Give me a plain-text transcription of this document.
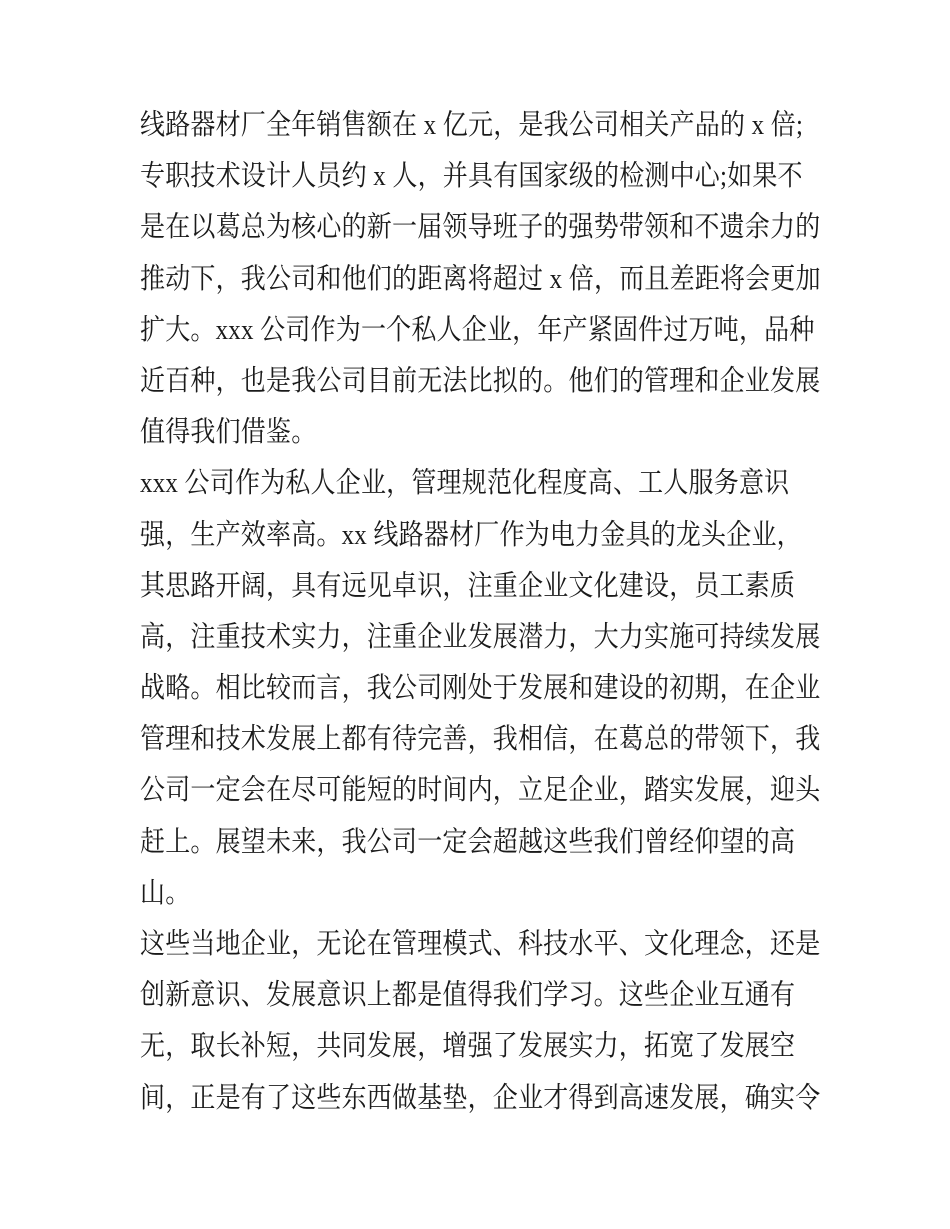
线路器材厂全年销售额在 x 亿元，是我公司相关产品的 x 倍;
专职技术设计人员约 x 人，并具有国家级的检测中心;如果不
是在以葛总为核心的新一届领导班子的强势带领和不遗余力的
推动下，我公司和他们的距离将超过 x 倍，而且差距将会更加
扩大。xxx 公司作为一个私人企业，年产紧固件过万吨，品种
近百种，也是我公司目前无法比拟的。他们的管理和企业发展
值得我们借鉴。
xxx 公司作为私人企业，管理规范化程度高、工人服务意识
强，生产效率高。xx 线路器材厂作为电力金具的龙头企业，
其思路开阔，具有远见卓识，注重企业文化建设，员工素质
高，注重技术实力，注重企业发展潜力，大力实施可持续发展
战略。相比较而言，我公司刚处于发展和建设的初期，在企业
管理和技术发展上都有待完善，我相信，在葛总的带领下，我
公司一定会在尽可能短的时间内，立足企业，踏实发展，迎头
赶上。展望未来，我公司一定会超越这些我们曾经仰望的高
山。
这些当地企业，无论在管理模式、科技水平、文化理念，还是
创新意识、发展意识上都是值得我们学习。这些企业互通有
无，取长补短，共同发展，增强了发展实力，拓宽了发展空
间，正是有了这些东西做基垫，企业才得到高速发展，确实令
